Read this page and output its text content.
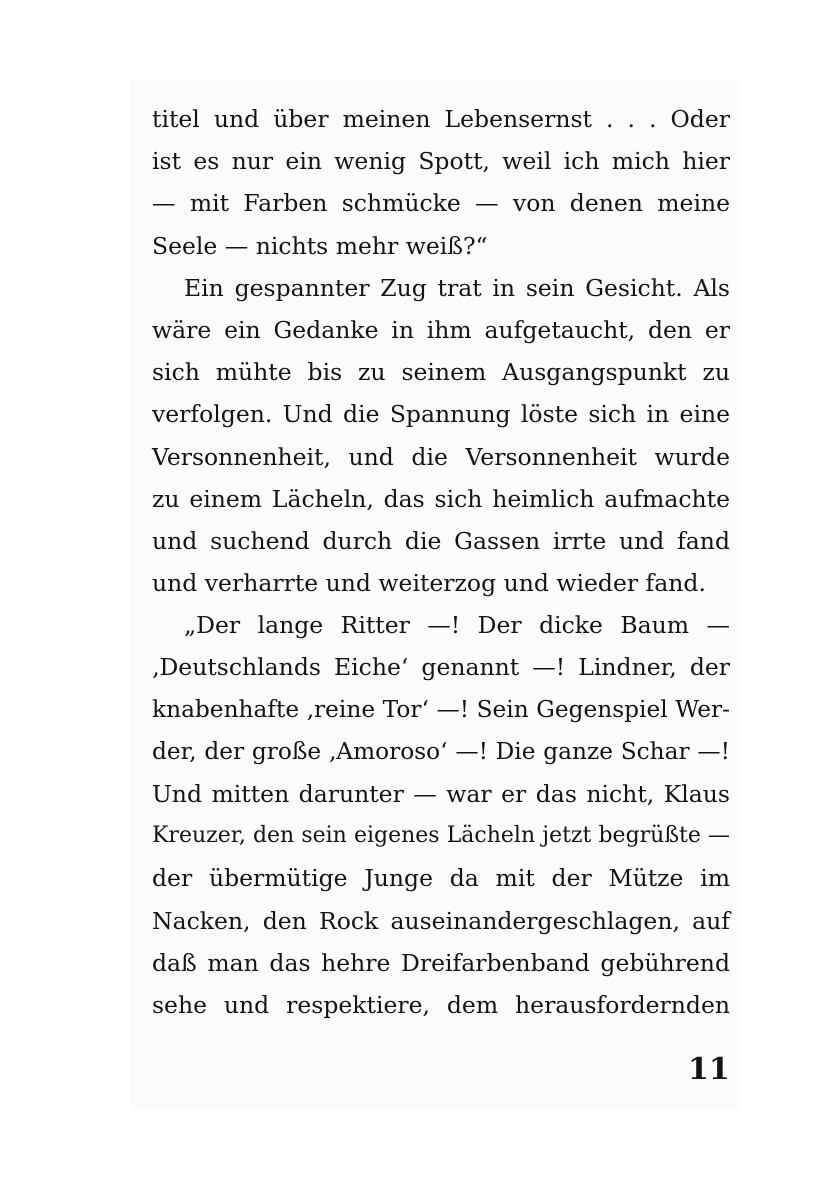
titel und über meinen Lebensernst . . . Oder
ist es nur ein wenig Spott, weil ich mich hier
— mit Farben schmücke — von denen meine
Seele — nichts mehr weiß?“
Ein gespannter Zug trat in sein Gesicht. Als
wäre ein Gedanke in ihm aufgetaucht, den er
sich mühte bis zu seinem Ausgangspunkt zu
verfolgen. Und die Spannung löste sich in eine
Versonnenheit, und die Versonnenheit wurde
zu einem Lächeln, das sich heimlich aufmachte
und suchend durch die Gassen irrte und fand
und verharrte und weiterzog und wieder fand.
„Der lange Ritter —! Der dicke Baum —
‚Deutschlands Eiche‘ genannt —! Lindner, der
knabenhafte ‚reine Tor‘ —! Sein Gegenspiel Wer-
der, der große ‚Amoroso‘ —! Die ganze Schar —!
Und mitten darunter — war er das nicht, Klaus
Kreuzer, den sein eigenes Lächeln jetzt begrüßte —
der übermütige Junge da mit der Mütze im
Nacken, den Rock auseinandergeschlagen, auf
daß man das hehre Dreifarbenband gebührend
sehe und respektiere, dem herausfordernden
11
